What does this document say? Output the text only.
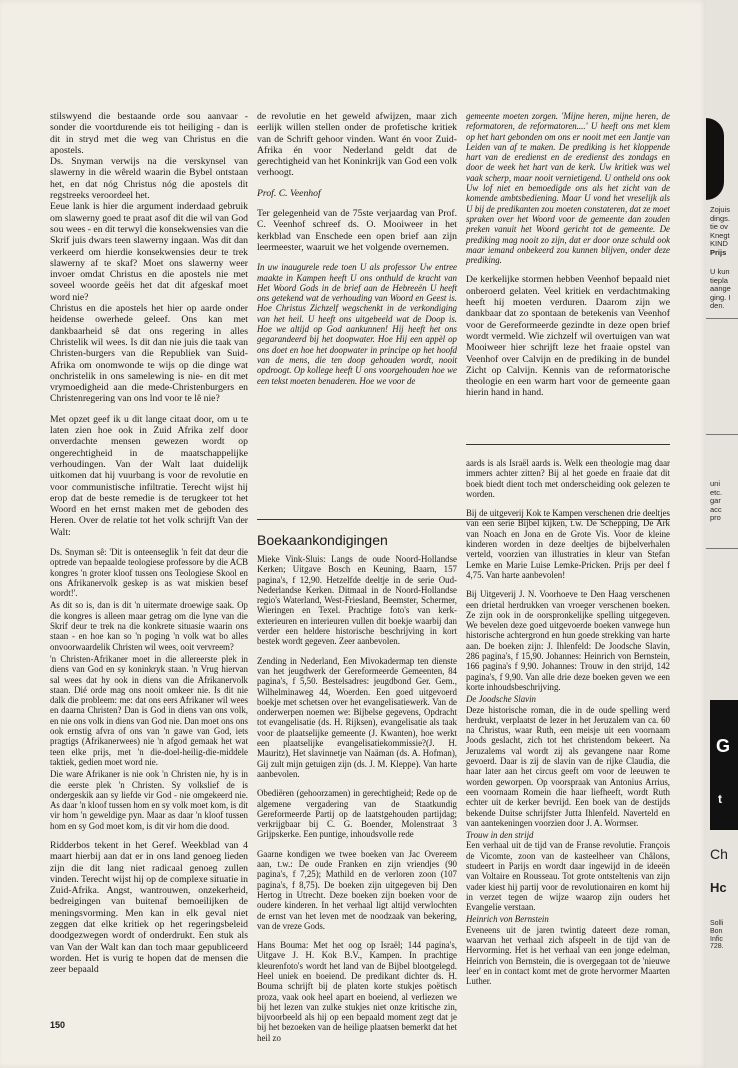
stilswyend die bestaande orde sou aanvaar - sonder die voortdurende eis tot heiliging - dan is dit in stryd met die weg van Christus en die apostels.

Ds. Snyman verwijs na die verskynsel van slawerny in die wêreld waarin die Bybel ontstaan het, en dat nóg Christus nóg die apostels dit regstreeks veroordeel het.

Eeue lank is hier die argument inderdaad gebruik om slawerny goed te praat asof dit die wil van God sou wees - en dit terwyl die konsekwensies van die Skrif juis dwars teen slawerny ingaan. Was dit dan verkeerd om hierdie konsekwensies deur te trek slawerny af te skaf? Moet ons slawerny weer invoer omdat Christus en die apostels nie met soveel woorde geëis het dat dit afgeskaf moet word nie?

Christus en die apostels het hier op aarde onder heidense owerhede geleef. Ons kan met dankbaarheid sê dat ons regering in alles Christelik wil wees. Is dit dan nie juis die taak van Christen-burgers van die Republiek van Suid-Afrika om onomwonde te wijs op die dinge wat onchristelik in ons samelewing is nie- en dit met vrymoedigheid aan die mede-Christenburgers en Christenregering van ons lnd voor te lê nie?

Met opzet geef ik u dit lange citaat door, om u te laten zien hoe ook in Zuid Afrika zelf door onverdachte mensen gewezen wordt op ongerechtigheid in de maatschappelijke verhoudingen. Van der Walt laat duidelijk uitkomen dat hij vuurbang is voor de revolutie en voor communistische infiltratie. Terecht wijst hij erop dat de beste remedie is de terugkeer tot het Woord en het ernst maken met de geboden des Heren. Over de relatie tot het volk schrijft Van der Walt:

Ds. Snyman sê: 'Dit is onteenseglik 'n feit dat deur die optrede van bepaalde teologiese professore by die ACB kongres 'n groter kloof tussen ons Teologiese Skool en ons Afrikanervolk geskep is as wat miskien besef wordt!'.

As dit so is, dan is dit 'n uitermate droewige saak. Op die kongres is alleen maar getrag om die lyne van die Skrif deur te trek na die konkrete situasie waarin ons staan - en hoe kan so 'n poging 'n volk wat bo alles onvoorwaardelik Christen wil wees, ooit vervreem?

'n Christen-Afrikaner moet in die allereerste plek in diens van God en sy koninkryk staan. 'n Vrug hiervan sal wees dat hy ook in diens van die Afrikanervolk staan. Dié orde mag ons nooit omkeer nie. Is dit nie dalk die probleem: me: dat ons eers Afrikaner wil wees en daarna Christen? Dan is God in diens van ons volk, en nie ons volk in diens van God nie. Dan moet ons ons ook ernstig afvra of ons van 'n gawe van God, iets pragtigs (Afrikanerwees) nie 'n afgod gemaak het wat teen elke prijs, met 'n die-doel-heilig-die-middele taktiek, gedien moet word nie.

Die ware Afrikaner is nie ook 'n Christen nie, hy is in die eerste plek 'n Christen. Sy volkslief de is ondergeskik aan sy liefde vir God - nie omgekeerd nie. As daar 'n kloof tussen hom en sy volk moet kom, is dit vir hom 'n geweldige pyn. Maar as daar 'n kloof tussen hom en sy God moet kom, is dit vir hom die dood.

Ridderbos tekent in het Geref. Weekblad van 4 maart hierbij aan dat er in ons land genoeg lieden zijn die dit lang niet radicaal genoeg zullen vinden. Terecht wijst hij op de complexe situatie in Zuid-Afrika. Angst, wantrouwen, onzekerheid, bedreigingen van buitenaf bemoeilijken de meningsvorming. Men kan in elk geval niet zeggen dat elke kritiek op het regeringsbeleid doodgezwegen wordt of onderdrukt. Een stuk als van Van der Walt kan dan toch maar gepubliceerd worden. Het is vurig te hopen dat de mensen die zeer bepaald

de revolutie en het geweld afwijzen, maar zich eerlijk willen stellen onder de profetische kritiek van de Schrift gehoor vinden. Want én voor Zuid-Afrika én voor Nederland geldt dat de gerechtigheid van het Koninkrijk van God een volk verhoogt.

Prof. C. Veenhof

Ter gelegenheid van de 75ste verjaardag van Prof. C. Veenhof schreef ds. O. Mooiweer in het kerkblad van Enschede een open brief aan zijn leermeester, waaruit we het volgende overnemen.

In uw inaugurele rede toen U als professor Uw entree maakte in Kampen heeft U ons onthuld de kracht van Het Woord Gods in de brief aan de Hebreeën U heeft ons getekend wat de verhouding van Woord en Geest is. Hoe Christus Zichzelf wegschenkt in de verkondiging van het heil. U heeft ons uitgebeeld wat de Doop is. Hoe we altijd op God aankunnen! Hij heeft het ons gegarandeerd bij het doopwater. Hoe Hij een appèl op ons doet en hoe het doopwater in principe op het hoofd van de mens, die ten doop gehouden wordt, nooit opdroogt. Op kollege heeft U ons voorgehouden hoe we een tekst moeten benaderen. Hoe we voor de

gemeente moeten zorgen. 'Mijne heren, mijne heren, de reformatoren, de reformatoren....' U heeft ons met klem op het hart gebonden om ons er nooit met een Jantje van Leiden van af te maken. De prediking is het kloppende hart van de eredienst en de eredienst des zondags en door de week het hart van de kerk. Uw kritiek was wel vaak scherp, maar nooit vernietigend. U ontheld ons ook Uw lof niet en bemoedigde ons als het zicht van de komende ambtsbediening. Maar U vond het vreselijk als U bij de predikanten zou moeten constateren, dat ze moet spraken over het Woord voor de gemeente dan zouden preken vanuit het Woord gericht tot de gemeente. De prediking mag nooit zo zijn, dat er door onze schuld ook maar iemand onbekeerd zou kunnen blijven, onder deze prediking.

De kerkelijke stormen hebben Veenhof bepaald niet onberoerd gelaten. Veel kritiek en verdachtmaking heeft hij moeten verduren. Daarom zijn we dankbaar dat zo spontaan de betekenis van Veenhof voor de Gereformeerde gezindte in deze open brief wordt vermeld. Wie zichzelf wil overtuigen van wat Mooiweer hier schrijft leze het fraaie opstel van Veenhof over Calvijn en de prediking in de bundel Zicht op Calvijn. Kennis van de reformatorische theologie en een warm hart voor de gemeente gaan hierin hand in hand.

Boekaankondigingen

Mieke Vink-Sluis: Langs de oude Noord-Hollandse Kerken; Uitgave Bosch en Keuning, Baarn, 157 pagina's, f 12,90. Hetzelfde deeltje in de serie Oud-Nederlandse Kerken. Ditmaal in de Noord-Hollandse regio's Waterland, West-Friesland, Beemster, Schermer, Wieringen en Texel. Prachtige foto's van kerk-exterieuren en interieuren vullen dit boekje waarbij dan verder een heldere historische beschrijving in kort bestek wordt gegeven. Zeer aanbevolen.

Zending in Nederland, Een Mivokadermap ten dienste van het jeugdwerk der Gereformeerde Gemeenten, 84 pagina's, f 5,50. Bestelsadres: jeugdbond Ger. Gem., Wilhelminaweg 44, Woerden. Een goed uitgevoerd boekje met schetsen over het evangelisatiewerk. Van de onderwerpen noemen we: Bijbelse gegevens, Opdracht tot evangelisatie (ds. H. Rijksen), evangelisatie als taak voor de plaatselijke gemeente (J. Kwanten), hoe werkt een plaatselijke evangelisatiekommissie?(J. H. Mauritz), Het slavinnetje van Naäman (ds. A. Hofman), Gij zult mijn getuigen zijn (ds. J. M. Kleppe). Van harte aanbevolen.

Obediëren (gehoorzamen) in gerechtigheid; Rede op de algemene vergadering van de Staatkundig Gereformeerde Partij op de laatstgehouden partijdag; verkrijgbaar bij C. G. Boender, Molenstraat 3 Grijpskerke. Een puntige, inhoudsvolle rede

Gaarne kondigen we twee boeken van Jac Overeem aan, t.w.: De oude Franken en zijn vriendjes (90 pagina's, f 7,25); Mathild en de verloren zoon (107 pagina's, f 8,75). De boeken zijn uitgegeven bij Den Hertog in Utrecht. Deze boeken zijn boeken voor de oudere kinderen. In het verhaal ligt altijd verwlochten de ernst van het leven met de noodzaak van bekering, van de vreze Gods.

Hans Bouma: Met het oog op Israël; 144 pagina's, Uitgave J. H. Kok B.V., Kampen. In prachtige kleurenfoto's wordt het land van de Bijbel blootgelegd. Heel uniek en boeiend. De predikant dichter ds. H. Bouma schrijft bij de platen korte stukjes poëtisch proza, vaak ook heel apart en boeiend, al verliezen we bij het lezen van zulke stukjes niet onze kritische zin, bijvoorbeeld als hij op een bepaald moment zegt dat je bij het bezoeken van de heilige plaatsen bemerkt dat het heil zo

aards is als Israël aards is. Welk een theologie mag daar immers achter zitten? Bij al het goede en fraaie dat dit boek biedt dient toch met onderscheiding ook gelezen te worden.

Bij de uitgeverij Kok te Kampen verschenen drie deeltjes van een serie Bijbel kijken, t.w. De Schepping, De Ark van Noach en Jona en de Grote Vis. Voor de kleine kinderen worden in deze deeltjes de bijbelverhalen verteld, voorzien van illustraties in kleur van Stefan Lemke en Marie Luise Lemke-Pricken. Prijs per deel f 4,75. Van harte aanbevolen!

Bij Uitgeverij J. N. Voorhoeve te Den Haag verschenen een drietal herdrukken van vroeger verschenen boeken. Ze zijn ook in de oorspronkelijke spelling uitgegeven. We bevelen deze goed uitgevoerde boeken vanwege hun historische achtergrond en hun goede strekking van harte aan. De boeken zijn: J. Ihlenfeld: De Joodsche Slavin, 286 pagina's, f 15,90. Johannes: Heinrich von Bernstein, 166 pagina's f 9,90. Johannes: Trouw in den strijd, 142 pagina's, f 9,90. Van alle drie deze boeken geven we een korte inhoudsbeschrijving.

De Joodsche Slavin

Deze historische roman, die in de oude spelling werd herdrukt, verplaatst de lezer in het Jeruzalem van ca. 60 na Christus, waar Ruth, een meisje uit een voornaam Joods geslacht, zich tot het christendom bekeert. Na Jeruzalems val wordt zij als gevangene naar Rome gevoerd. Daar is zij de slavin van de rijke Claudia, die haar later aan het circus geeft om voor de leeuwen te worden geworpen. Op voorspraak van Antonius Arrius, een voornaam Romein die haar liefheeft, wordt Ruth echter uit de kerker bevrijd. Een boek van de destijds bekende Duitse schrijfster Jutta Ihlenfeld. Naverteld en van aantekeningen voorzien door J. A. Wormser.

Trouw in den strijd

Een verhaal uit de tijd van de Franse revolutie. François de Vicomte, zoon van de kasteelheer van Châlons, studeert in Parijs en wordt daar ingewijd in de ideeën van Voltaire en Rousseau. Tot grote ontsteltenis van zijn vader kiest hij partij voor de revolutionairen en komt hij in verzet tegen de wijze waarop zijn ouders het Evangelie verstaan.

Heinrich von Bernstein

Eveneens uit de jaren twintig dateert deze roman, waarvan het verhaal zich afspeelt in de tijd van de Hervorming. Het is het verhaal van een jonge edelman, Heinrich von Bernstein, die is overgegaan tot de 'nieuwe leer' en in contact komt met de grote hervormer Maarten Luther.

150
Zojuis
dings.
tie ov
Knegt
KIND
Prijs
U kun
tiepla
aange
ging. I
den.
uni
etc.
gar
acc
pro
G
t
Ch
Hc
Solli
Bon
Infic
728.
